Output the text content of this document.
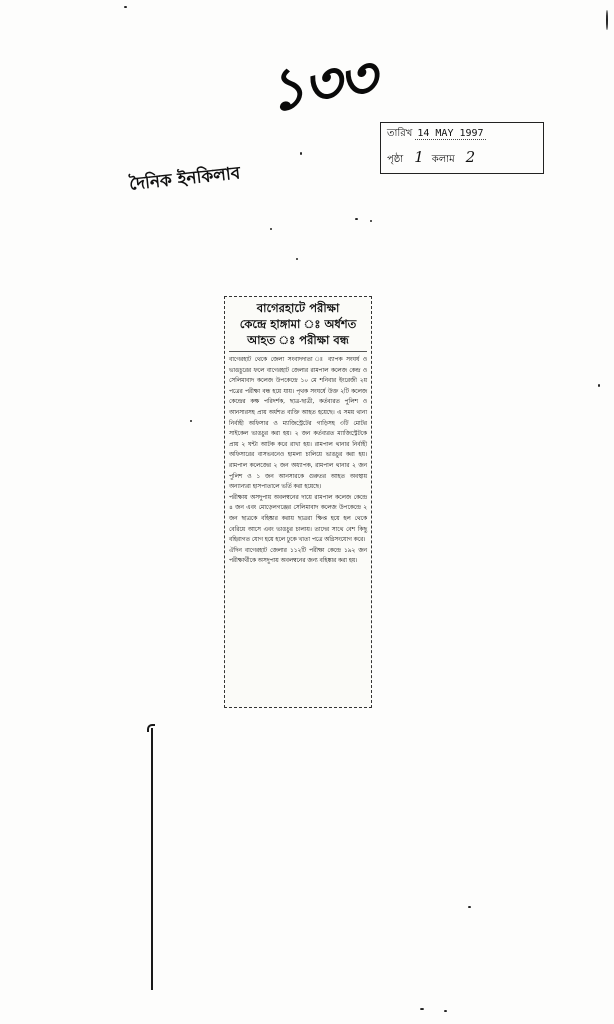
১৩৩
তারিখ 14 MAY 1997
পৃষ্ঠা 1 কলাম 2
দৈনিক ইনকিলাব
বাগেরহাটে পরীক্ষা
কেন্দ্রে হাঙ্গামা ঃ অর্ধশত
আহত ঃ পরীক্ষা বন্ধ

বাগেরহাট থেকে জেলা সংবাদদাতা ঃ ব্যাপক সংঘর্ষ ও ভাঙচুরের ফলে বাগেরহাট জেলার রামপাল কলেজ কেন্দ্র ও সেলিমাবাদ কলেজ উপকেন্দ্রে ১০ মে শনিবার ইংরেজী ২য় পত্রের পরীক্ষা বন্ধ হয়ে যায়। পৃথক সংঘর্ষে উক্ত ২টি কলেজ কেন্দ্রের কক্ষ পরিদর্শক, ছাত্র-ছাত্রী, কর্তব্যরত পুলিশ ও আনসারসহ প্রায় অর্ধশত ব্যক্তি আহত হয়েছে। এ সময় থানা নির্বাহী অফিসার ও ম্যাজিস্ট্রেটের গাড়িসহ ৩টি মোটর সাইকেল ভাঙচুর করা হয়। ২ জন কর্তব্যরত ম্যাজিস্ট্রেটকে প্রায় ২ ঘন্টা আটক করে রাখা হয়। রামপাল থানার নির্বাহী অফিসারের বাসভবনেও হামলা চালিয়ে ভাঙচুর করা হয়। রামপাল কলেজের ২ জন অধ্যাপক, রামপাল থানার ২ জন পুলিশ ও ১ জন আনসারকে গুরুতর আহত অবস্থায় অন্যান্যরা হাসপাতালে ভর্তি করা হয়েছে।

পরীক্ষায় অসদুপায় অবলম্বনের দায়ে রামপাল কলেজ কেন্দ্রে ৪ জন এবং মোড়েলগঞ্জের সেলিমাবাদ কলেজ উপকেন্দ্রে ২ জন ছাত্রকে বহিষ্কার করায় ছাত্ররা ক্ষিপ্ত হয়ে হল থেকে বেরিয়ে আসে এবং ভাঙচুর চালায়। তাদের সাথে বেশ কিছু বহিরাগত যোগ হয়ে হলে ঢুকে খাতা পত্রে অগ্নিসংযোগ করে।

ঐদিন বাগেরহাট জেলার ১১২টি পরীক্ষা কেন্দ্রে ১৯২ জন পরীক্ষার্থীকে অসদুপায় অবলম্বনের জন্য বহিষ্কার করা হয়।
